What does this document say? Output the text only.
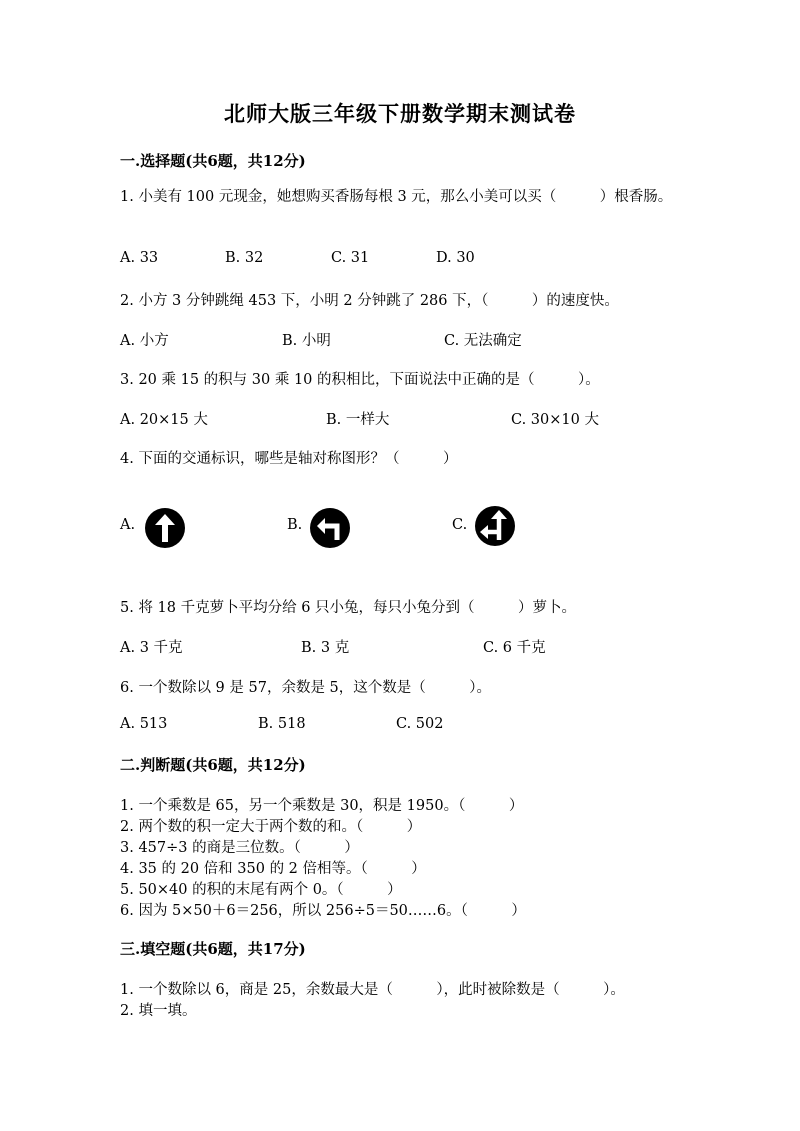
北师大版三年级下册数学期末测试卷
一.选择题(共6题，共12分)
1. 小美有 100 元现金，她想购买香肠每根 3 元，那么小美可以买（　　　）根香肠。
A. 33	B. 32	C. 31	D. 30
2. 小方 3 分钟跳绳 453 下，小明 2 分钟跳了 286 下，（　　　）的速度快。
A. 小方	B. 小明	C. 无法确定
3. 20 乘 15 的积与 30 乘 10 的积相比，下面说法中正确的是（　　　）。
A. 20×15 大	B. 一样大	C. 30×10 大
4. 下面的交通标识，哪些是轴对称图形？（　　　）
A.	B.	C.
5. 将 18 千克萝卜平均分给 6 只小兔，每只小兔分到（　　　）萝卜。
A. 3 千克	B. 3 克	C. 6 千克
6. 一个数除以 9 是 57，余数是 5，这个数是（　　　）。
A. 513	B. 518	C. 502
二.判断题(共6题，共12分)
1. 一个乘数是 65，另一个乘数是 30，积是 1950。（　　　）
2. 两个数的积一定大于两个数的和。（　　　）
3. 457÷3 的商是三位数。（　　　）
4. 35 的 20 倍和 350 的 2 倍相等。（　　　）
5. 50×40 的积的末尾有两个 0。（　　　）
6. 因为 5×50＋6＝256，所以 256÷5＝50……6。（　　　）
三.填空题(共6题，共17分)
1. 一个数除以 6，商是 25，余数最大是（　　　），此时被除数是（　　　）。
2. 填一填。
